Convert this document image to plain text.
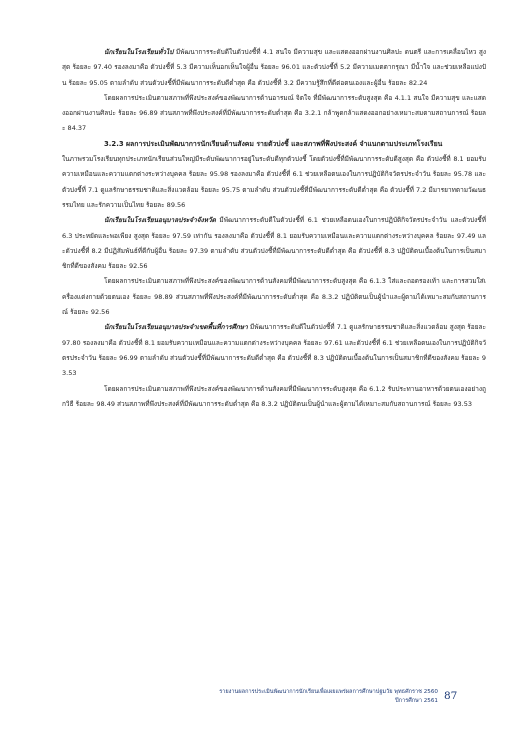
นักเรียนในโรงเรียนทั่วไป มีพัฒนาการระดับดีในตัวบ่งชี้ที่ 4.1 สนใจ มีความสุข และแสดงออกผ่านงานศิลปะ ดนตรี และการเคลื่อนไหว สูงสุด ร้อยละ 97.40 รองลงมาคือ ตัวบ่งชี้ที่ 5.3 มีความเห็นอกเห็นใจผู้อื่น ร้อยละ 96.01 และตัวบ่งชี้ที่ 5.2 มีความเมตตากรุณา มีน้ำใจ และช่วยเหลือแบ่งปัน ร้อยละ 95.05 ตามลำดับ ส่วนตัวบ่งชี้ที่มีพัฒนาการระดับดีต่ำสุด คือ ตัวบ่งชี้ที่ 3.2 มีความรู้สึกที่ดีต่อตนเองและผู้อื่น ร้อยละ 82.24

โดยผลการประเมินตามสภาพที่พึงประสงค์ของพัฒนาการด้านอารมณ์ จิตใจ ที่มีพัฒนาการระดับสูงสุด คือ 4.1.1 สนใจ มีความสุข และแสดงออกผ่านงานศิลปะ ร้อยละ 96.89 ส่วนสภาพที่พึงประสงค์ที่มีพัฒนาการระดับต่ำสุด คือ 3.2.1 กล้าพูดกล้าแสดงออกอย่างเหมาะสมตามสถานการณ์ ร้อยละ 84.37

3.2.3 ผลการประเมินพัฒนาการนักเรียนด้านสังคม รายตัวบ่งชี้ และสภาพที่พึงประสงค์ จำแนกตามประเภทโรงเรียน

ในภาพรวมโรงเรียนทุกประเภทนักเรียนส่วนใหญ่มีระดับพัฒนาการอยู่ในระดับดีทุกตัวบ่งชี้ โดยตัวบ่งชี้ที่มีพัฒนาการระดับดีสูงสุด คือ ตัวบ่งชี้ที่ 8.1 ยอมรับความเหมือนและความแตกต่างระหว่างบุคคล ร้อยละ 95.98 รองลงมาคือ ตัวบ่งชี้ที่ 6.1 ช่วยเหลือตนเองในการปฏิบัติกิจวัตรประจำวัน ร้อยละ 95.78 และตัวบ่งชี้ที่ 7.1 ดูแลรักษาธรรมชาติและสิ่งแวดล้อม ร้อยละ 95.75 ตามลำดับ ส่วนตัวบ่งชี้ที่มีพัฒนาการระดับดีต่ำสุด คือ ตัวบ่งชี้ที่ 7.2 มีมารยาทตามวัฒนธรรมไทย และรักความเป็นไทย ร้อยละ 89.56

นักเรียนในโรงเรียนอนุบาลประจำจังหวัด มีพัฒนาการระดับดีในตัวบ่งชี้ที่ 6.1 ช่วยเหลือตนเองในการปฏิบัติกิจวัตรประจำวัน และตัวบ่งชี้ที่ 6.3 ประหยัดและพอเพียง สูงสุด ร้อยละ 97.59 เท่ากัน รองลงมาคือ ตัวบ่งชี้ที่ 8.1 ยอมรับความเหมือนและความแตกต่างระหว่างบุคคล ร้อยละ 97.49 และตัวบ่งชี้ที่ 8.2 มีปฏิสัมพันธ์ที่ดีกับผู้อื่น ร้อยละ 97.39 ตามลำดับ ส่วนตัวบ่งชี้ที่มีพัฒนาการระดับดีต่ำสุด คือ ตัวบ่งชี้ที่ 8.3 ปฏิบัติตนเบื้องต้นในการเป็นสมาชิกที่ดีของสังคม ร้อยละ 92.56

โดยผลการประเมินตามสภาพที่พึงประสงค์ของพัฒนาการด้านสังคมที่มีพัฒนาการระดับสูงสุด คือ 6.1.3 ใส่และถอดรองเท้า และการสวมใส่เครื่องแต่งกายด้วยตนเอง ร้อยละ 98.89 ส่วนสภาพที่พึงประสงค์ที่มีพัฒนาการระดับต่ำสุด คือ 8.3.2 ปฏิบัติตนเป็นผู้นำและผู้ตามได้เหมาะสมกับสถานการณ์ ร้อยละ 92.56

นักเรียนในโรงเรียนอนุบาลประจำเขตพื้นที่การศึกษา มีพัฒนาการระดับดีในตัวบ่งชี้ที่ 7.1 ดูแลรักษาธรรมชาติและสิ่งแวดล้อม สูงสุด ร้อยละ 97.80 รองลงมาคือ ตัวบ่งชี้ที่ 8.1 ยอมรับความเหมือนและความแตกต่างระหว่างบุคคล ร้อยละ 97.61 และตัวบ่งชี้ที่ 6.1 ช่วยเหลือตนเองในการปฏิบัติกิจวัตรประจำวัน ร้อยละ 96.99 ตามลำดับ ส่วนตัวบ่งชี้ที่มีพัฒนาการระดับดีต่ำสุด คือ ตัวบ่งชี้ที่ 8.3 ปฏิบัติตนเบื้องต้นในการเป็นสมาชิกที่ดีของสังคม ร้อยละ 93.53

โดยผลการประเมินตามสภาพที่พึงประสงค์ของพัฒนาการด้านสังคมที่มีพัฒนาการระดับสูงสุด คือ 6.1.2 รับประทานอาหารด้วยตนเองอย่างถูกวิธี ร้อยละ 98.49 ส่วนสภาพที่พึงประสงค์ที่มีพัฒนาการระดับต่ำสุด คือ 8.3.2 ปฏิบัติตนเป็นผู้นำและผู้ตามได้เหมาะสมกับสถานการณ์ ร้อยละ 93.53

รายงานผลการประเมินพัฒนาการนักเรียนเพื่อเผยแพร่ผลการศึกษาปฐมวัย พุทธศักราช 2560
ปีการศึกษา 2561 87
